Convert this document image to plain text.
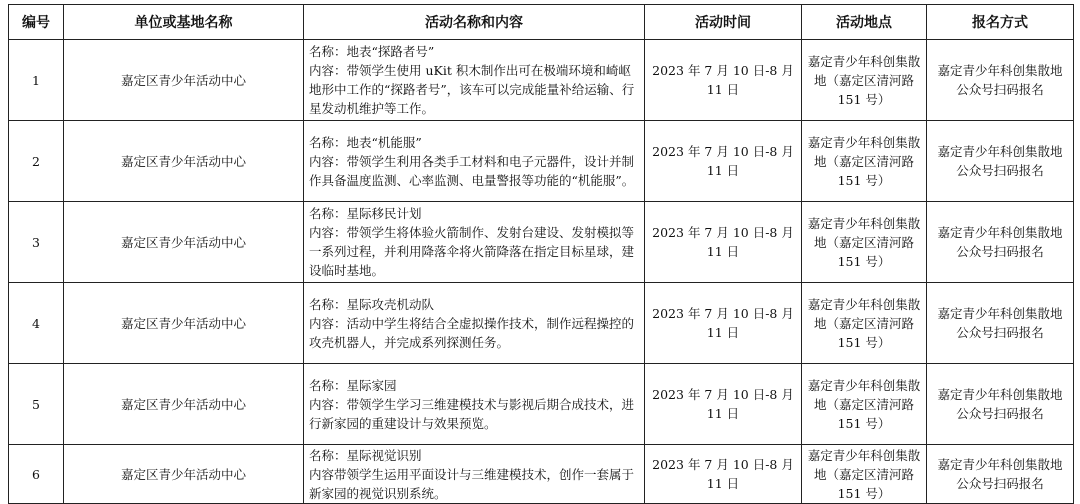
编号	单位或基地名称	活动名称和内容	活动时间	活动地点	报名方式
1	嘉定区青少年活动中心	名称：地表“探路者号”
内容：带领学生使用 uKit 积木制作出可在极端环境和崎岖地形中工作的“探路者号”，该车可以完成能量补给运输、行星发动机维护等工作。	2023 年 7 月 10 日-8 月 11 日	嘉定青少年科创集散地（嘉定区清河路 151 号）	嘉定青少年科创集散地公众号扫码报名
2	嘉定区青少年活动中心	名称：地表“机能服”
内容：带领学生利用各类手工材料和电子元器件，设计并制作具备温度监测、心率监测、电量警报等功能的“机能服”。	2023 年 7 月 10 日-8 月 11 日	嘉定青少年科创集散地（嘉定区清河路 151 号）	嘉定青少年科创集散地公众号扫码报名
3	嘉定区青少年活动中心	名称：星际移民计划
内容：带领学生将体验火箭制作、发射台建设、发射模拟等一系列过程，并利用降落伞将火箭降落在指定目标星球，建设临时基地。	2023 年 7 月 10 日-8 月 11 日	嘉定青少年科创集散地（嘉定区清河路 151 号）	嘉定青少年科创集散地公众号扫码报名
4	嘉定区青少年活动中心	名称：星际攻壳机动队
内容：活动中学生将结合全虚拟操作技术，制作远程操控的攻壳机器人，并完成系列探测任务。	2023 年 7 月 10 日-8 月 11 日	嘉定青少年科创集散地（嘉定区清河路 151 号）	嘉定青少年科创集散地公众号扫码报名
5	嘉定区青少年活动中心	名称：星际家园
内容：带领学生学习三维建模技术与影视后期合成技术，进行新家园的重建设计与效果预览。	2023 年 7 月 10 日-8 月 11 日	嘉定青少年科创集散地（嘉定区清河路 151 号）	嘉定青少年科创集散地公众号扫码报名
6	嘉定区青少年活动中心	名称：星际视觉识别
内容带领学生运用平面设计与三维建模技术，创作一套属于新家园的视觉识别系统。	2023 年 7 月 10 日-8 月 11 日	嘉定青少年科创集散地（嘉定区清河路 151 号）	嘉定青少年科创集散地公众号扫码报名
